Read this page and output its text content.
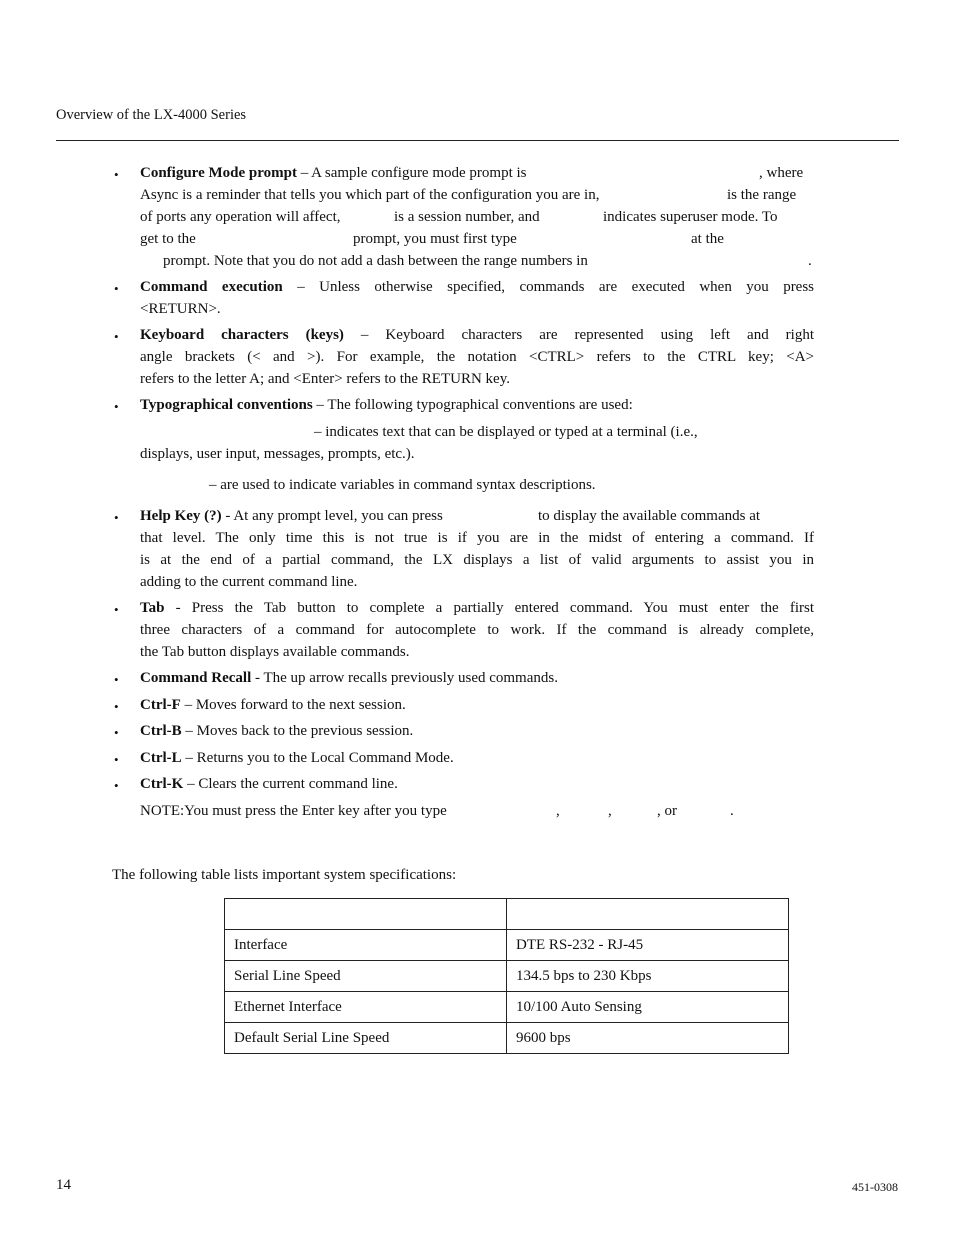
Overview of the LX-4000 Series
• Configure Mode prompt – A sample configure mode prompt is	, where
Async is a reminder that tells you which part of the configuration you are in,	is the range
of ports any operation will affect,	is a session number, and	indicates superuser mode. To
get to the	prompt, you must first type	at the
prompt. Note that you do not add a dash between the range numbers in	.
• Command execution – Unless otherwise specified, commands are executed when you press
<RETURN>.
• Keyboard characters (keys) – Keyboard characters are represented using left and right
angle brackets (< and >). For example, the notation <CTRL> refers to the CTRL key; <A>
refers to the letter A; and <Enter> refers to the RETURN key.
• Typographical conventions – The following typographical conventions are used:
– indicates text that can be displayed or typed at a terminal (i.e.,
displays, user input, messages, prompts, etc.).
– are used to indicate variables in command syntax descriptions.
• Help Key (?) - At any prompt level, you can press	to display the available commands at
that level. The only time this is not true is if you are in the midst of entering a command. If
is at the end of a partial command, the LX displays a list of valid arguments to assist you in
adding to the current command line.
• Tab - Press the Tab button to complete a partially entered command. You must enter the first
three characters of a command for autocomplete to work. If the command is already complete,
the Tab button displays available commands.
• Command Recall - The up arrow recalls previously used commands.
• Ctrl-F – Moves forward to the next session.
• Ctrl-B – Moves back to the previous session.
• Ctrl-L – Returns you to the Local Command Mode.
• Ctrl-K – Clears the current command line.
NOTE:You must press the Enter key after you type	,	,	, or	.
The following table lists important system specifications:

Interface	DTE RS-232 - RJ-45
Serial Line Speed	134.5 bps to 230 Kbps
Ethernet Interface	10/100 Auto Sensing
Default Serial Line Speed	9600 bps
14	451-0308
